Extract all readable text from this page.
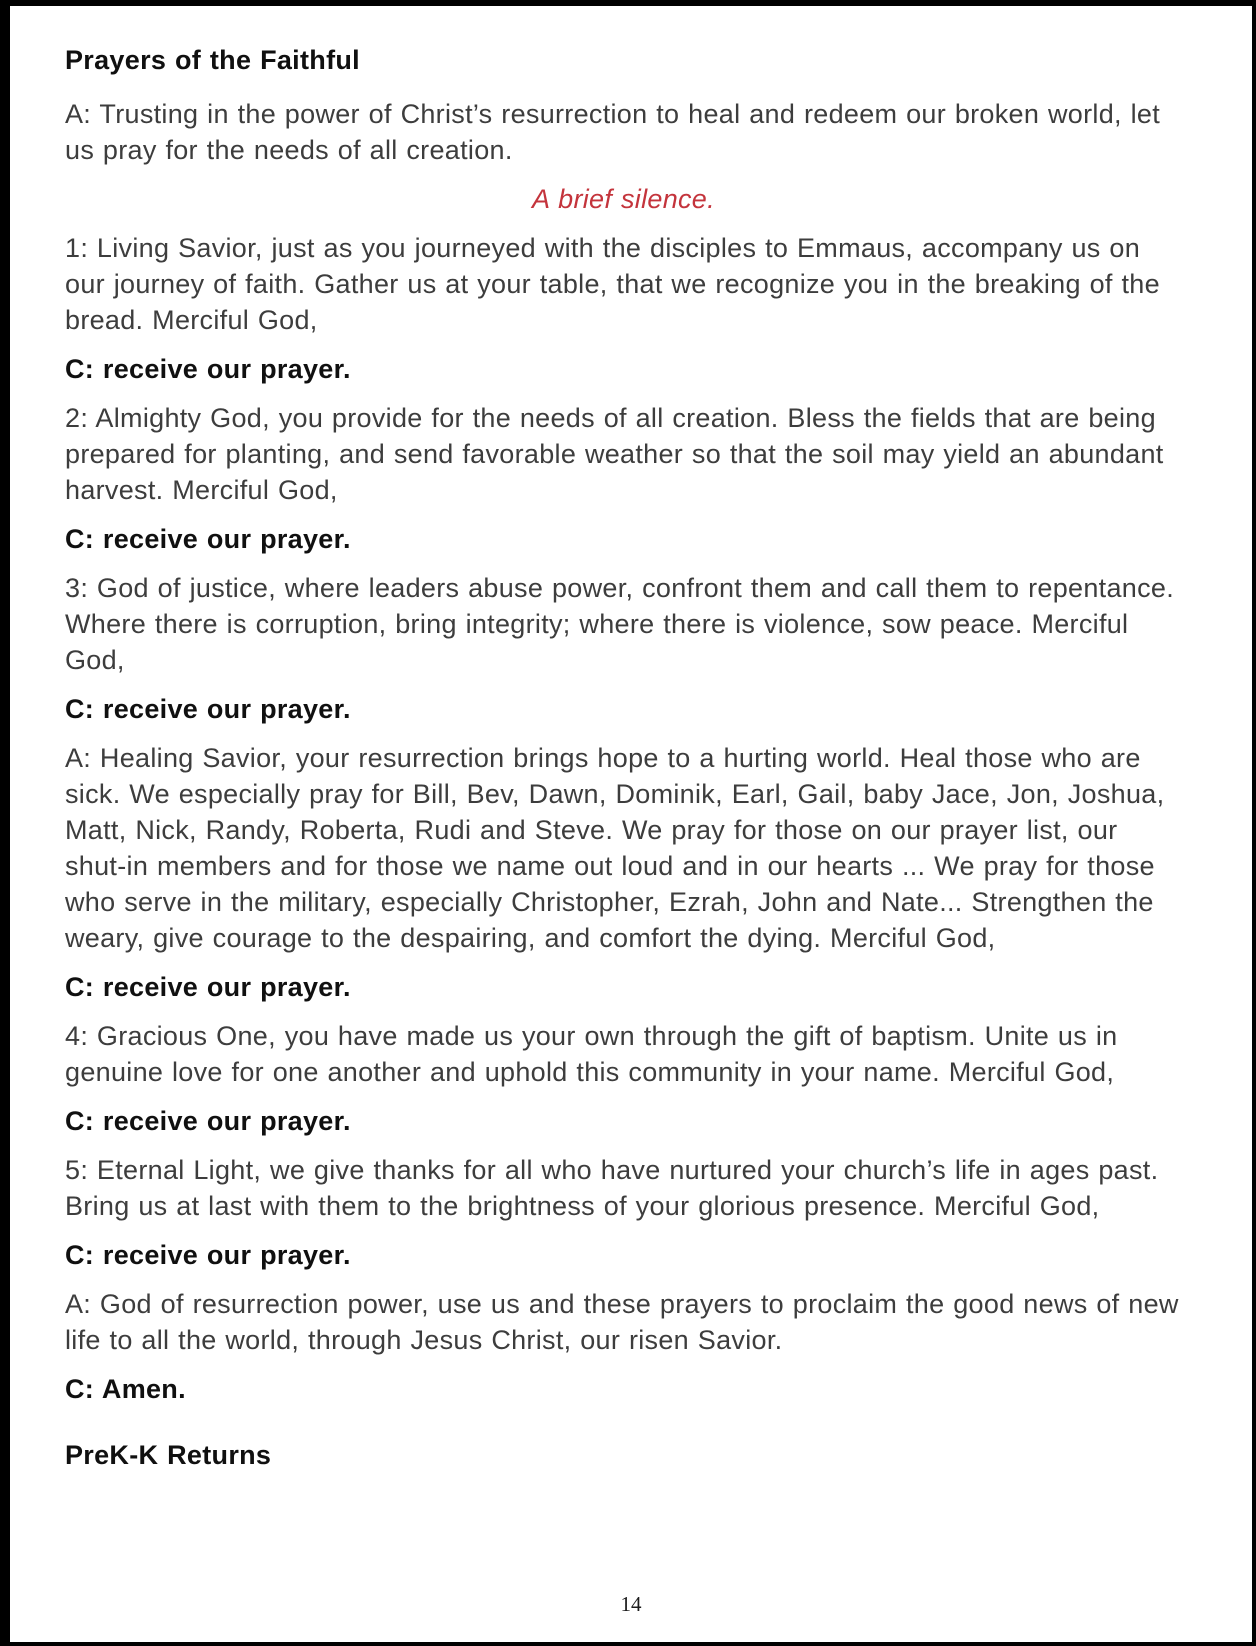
Prayers of the Faithful

A: Trusting in the power of Christ’s resurrection to heal and redeem our broken world, let us pray for the needs of all creation.

A brief silence.

1: Living Savior, just as you journeyed with the disciples to Emmaus, accompany us on our journey of faith. Gather us at your table, that we recognize you in the breaking of the bread. Merciful God,

C: receive our prayer.

2: Almighty God, you provide for the needs of all creation. Bless the fields that are being prepared for planting, and send favorable weather so that the soil may yield an abundant harvest. Merciful God,

C: receive our prayer.

3: God of justice, where leaders abuse power, confront them and call them to repentance. Where there is corruption, bring integrity; where there is violence, sow peace. Merciful God,

C: receive our prayer.

A: Healing Savior, your resurrection brings hope to a hurting world. Heal those who are sick. We especially pray for Bill, Bev, Dawn, Dominik, Earl, Gail, baby Jace, Jon, Joshua, Matt, Nick, Randy, Roberta, Rudi and Steve. We pray for those on our prayer list, our shut-in members and for those we name out loud and in our hearts ... We pray for those who serve in the military, especially Christopher, Ezrah, John and Nate... Strengthen the weary, give courage to the despairing, and comfort the dying. Merciful God,

C: receive our prayer.

4: Gracious One, you have made us your own through the gift of baptism. Unite us in genuine love for one another and uphold this community in your name. Merciful God,

C: receive our prayer.

5: Eternal Light, we give thanks for all who have nurtured your church’s life in ages past. Bring us at last with them to the brightness of your glorious presence. Merciful God,

C: receive our prayer.

A: God of resurrection power, use us and these prayers to proclaim the good news of new life to all the world, through Jesus Christ, our risen Savior.

C: Amen.

PreK-K Returns

14
